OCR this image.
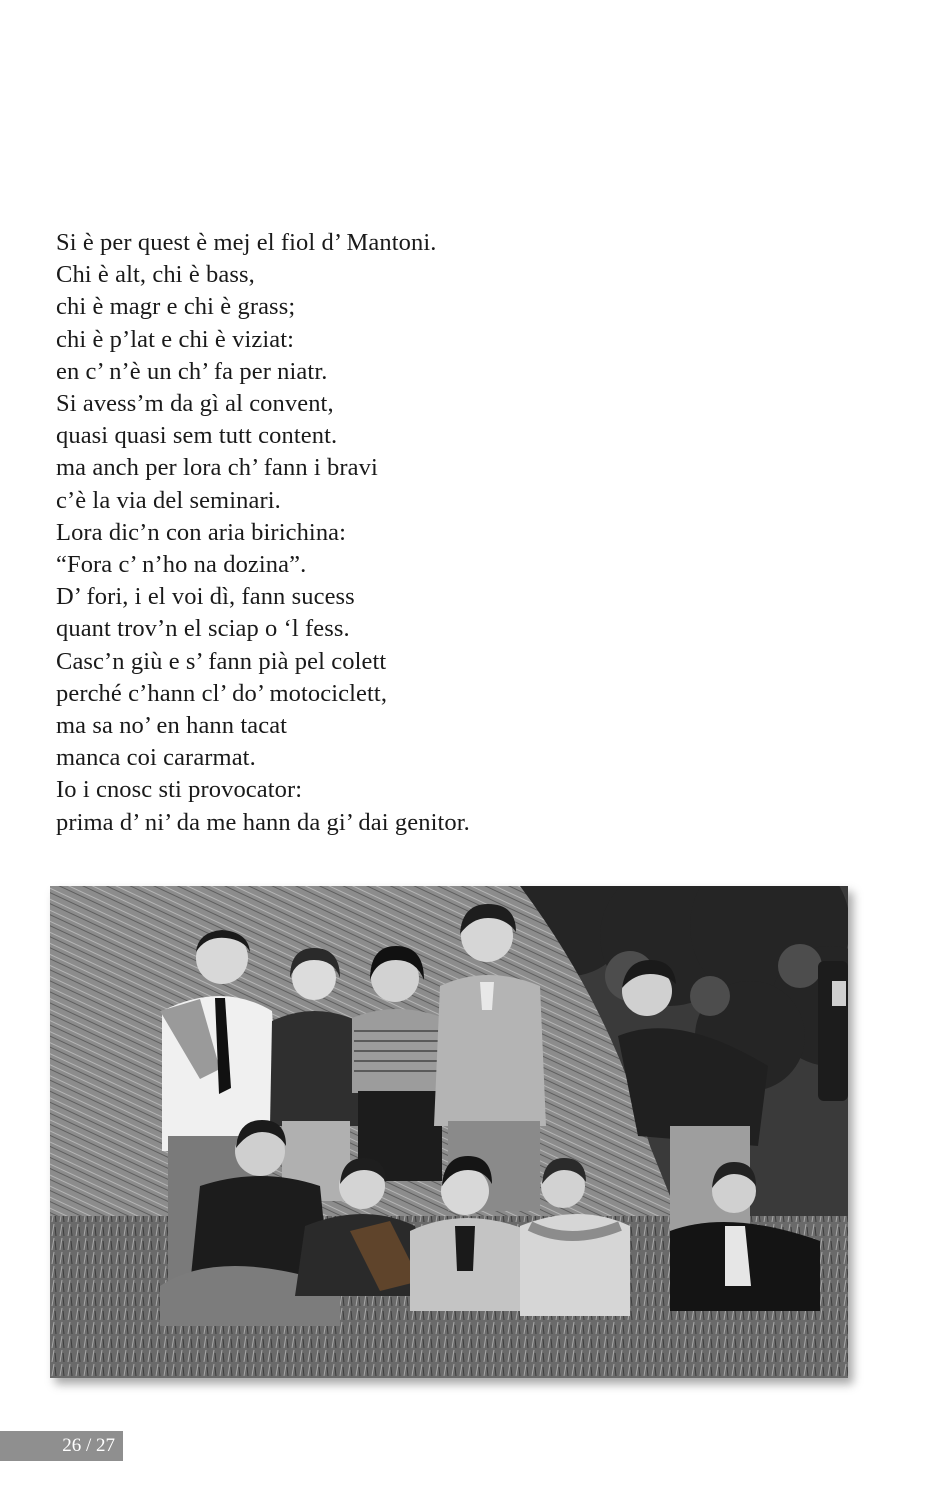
Si è per quest è mej el fiol d’ Mantoni.
Chi è alt, chi è bass,
chi è magr e chi è grass;
chi è p’lat e chi è viziat:
en c’ n’è un ch’ fa per niatr.
Si avess’m da gì al convent,
quasi quasi sem tutt content.
ma anch per lora ch’ fann i bravi
c’è la via del seminari.
Lora dic’n con aria birichina:
“Fora c’ n’ho na dozina”.
D’ fori, i el voi dì, fann sucess
quant trov’n el sciap o ‘l fess.
Casc’n giù e s’ fann pià pel colett
perché c’hann cl’ do’ motociclett,
ma sa no’ en hann tacat
manca coi cararmat.
Io i cnosc sti provocator:
prima d’ ni’ da me hann da gi’ dai genitor.
26 / 27
